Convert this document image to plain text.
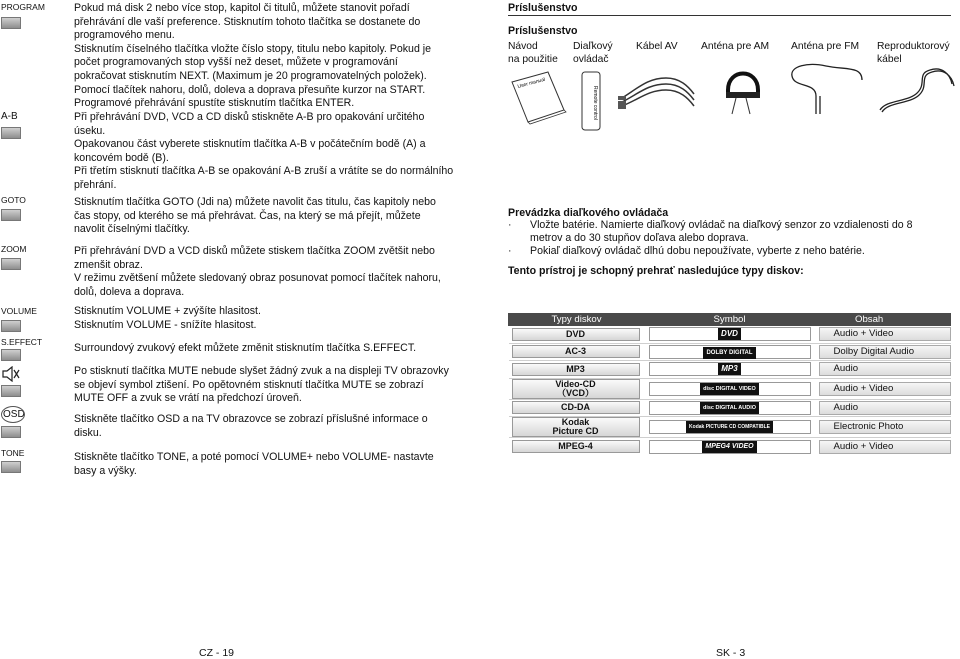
PROGRAM	Pokud má disk 2 nebo více stop, kapitol či titulů, můžete stanovit pořadí

přehrávání dle vaší preference. Stisknutím tohoto tlačítka se dostanete do

programového menu.

Stisknutím číselného tlačítka vložte číslo stopy, titulu nebo kapitoly. Pokud je

počet programovaných stop vyšší než deset, můžete v programování

pokračovat stisknutím NEXT. (Maximum je 20 programovatelných položek).

Pomocí tlačítek nahoru, dolů, doleva a doprava přesuňte kurzor na START.

Programové přehrávání spustíte stisknutím tlačítka ENTER.

A-B	Při přehrávání DVD, VCD a CD disků stiskněte A-B pro opakování určitého

úseku.

Opakovanou část vyberete stisknutím tlačítka A-B v počátečním bodě (A) a

koncovém bodě (B).

Při třetím stisknutí tlačítka A-B se opakování A-B zruší a vrátíte se do normálního

přehrání.

GOTO	Stisknutím tlačítka GOTO (Jdi na) můžete navolit čas titulu, čas kapitoly nebo

čas stopy, od kterého se má přehrávat. Čas, na který se má přejít, můžete

navolit číselnými tlačítky.

ZOOM	Při přehrávání DVD a VCD disků můžete stiskem tlačítka ZOOM zvětšit nebo

zmenšit obraz.

V režimu zvětšení můžete sledovaný obraz posunovat pomocí tlačítek nahoru,

dolů, doleva a doprava.

VOLUME	Stisknutím VOLUME + zvýšíte hlasitost.

Stisknutím VOLUME - snížíte hlasitost.

S.EFFECT	Surroundový zvukový efekt můžete změnit stisknutím tlačítka S.EFFECT.

Po stisknutí tlačítka MUTE nebude slyšet žádný zvuk a na displeji TV obrazovky

se objeví symbol ztišení. Po opětovném stisknutí tlačítka MUTE se zobrazí

MUTE OFF a zvuk se vrátí na předchozí úroveň.

OSD	Stiskněte tlačítko OSD a na TV obrazovce se zobrazí příslušné informace o

disku.

TONE	Stiskněte tlačítko TONE, a poté pomocí VOLUME+ nebo VOLUME- nastavte

basy a výšky.

CZ - 19
Príslušenstvo
Príslušenstvo
Návod
na použitie
Diaľkový
ovládač
Kábel AV Anténa pre AM Anténa pre FM Reproduktorový
kábel
User manual
Remote control
Prevádzka diaľkového ovládača
·	Vložte batérie. Namierte diaľkový ovládač na diaľkový senzor zo vzdialenosti do 8
metrov a do 30 stupňov doľava alebo doprava.
·	Pokiaľ diaľkový ovládač dlhú dobu nepoužívate, vyberte z neho batérie.
Tento prístroj je schopný prehrať nasledujúce typy diskov:
Typy diskov	Symbol	Obsah
DVD	DVD	Audio + Video
AC-3	DOLBY DIGITAL	Dolby Digital Audio
MP3	MP3	Audio
Video-CD
（VCD）	disc DIGITAL VIDEO	Audio + Video
CD-DA	disc DIGITAL AUDIO	Audio
Kodak
Picture CD	Kodak PICTURE CD COMPATIBLE	Electronic Photo
MPEG-4	MPEG4 VIDEO	Audio + Video
SK - 3
